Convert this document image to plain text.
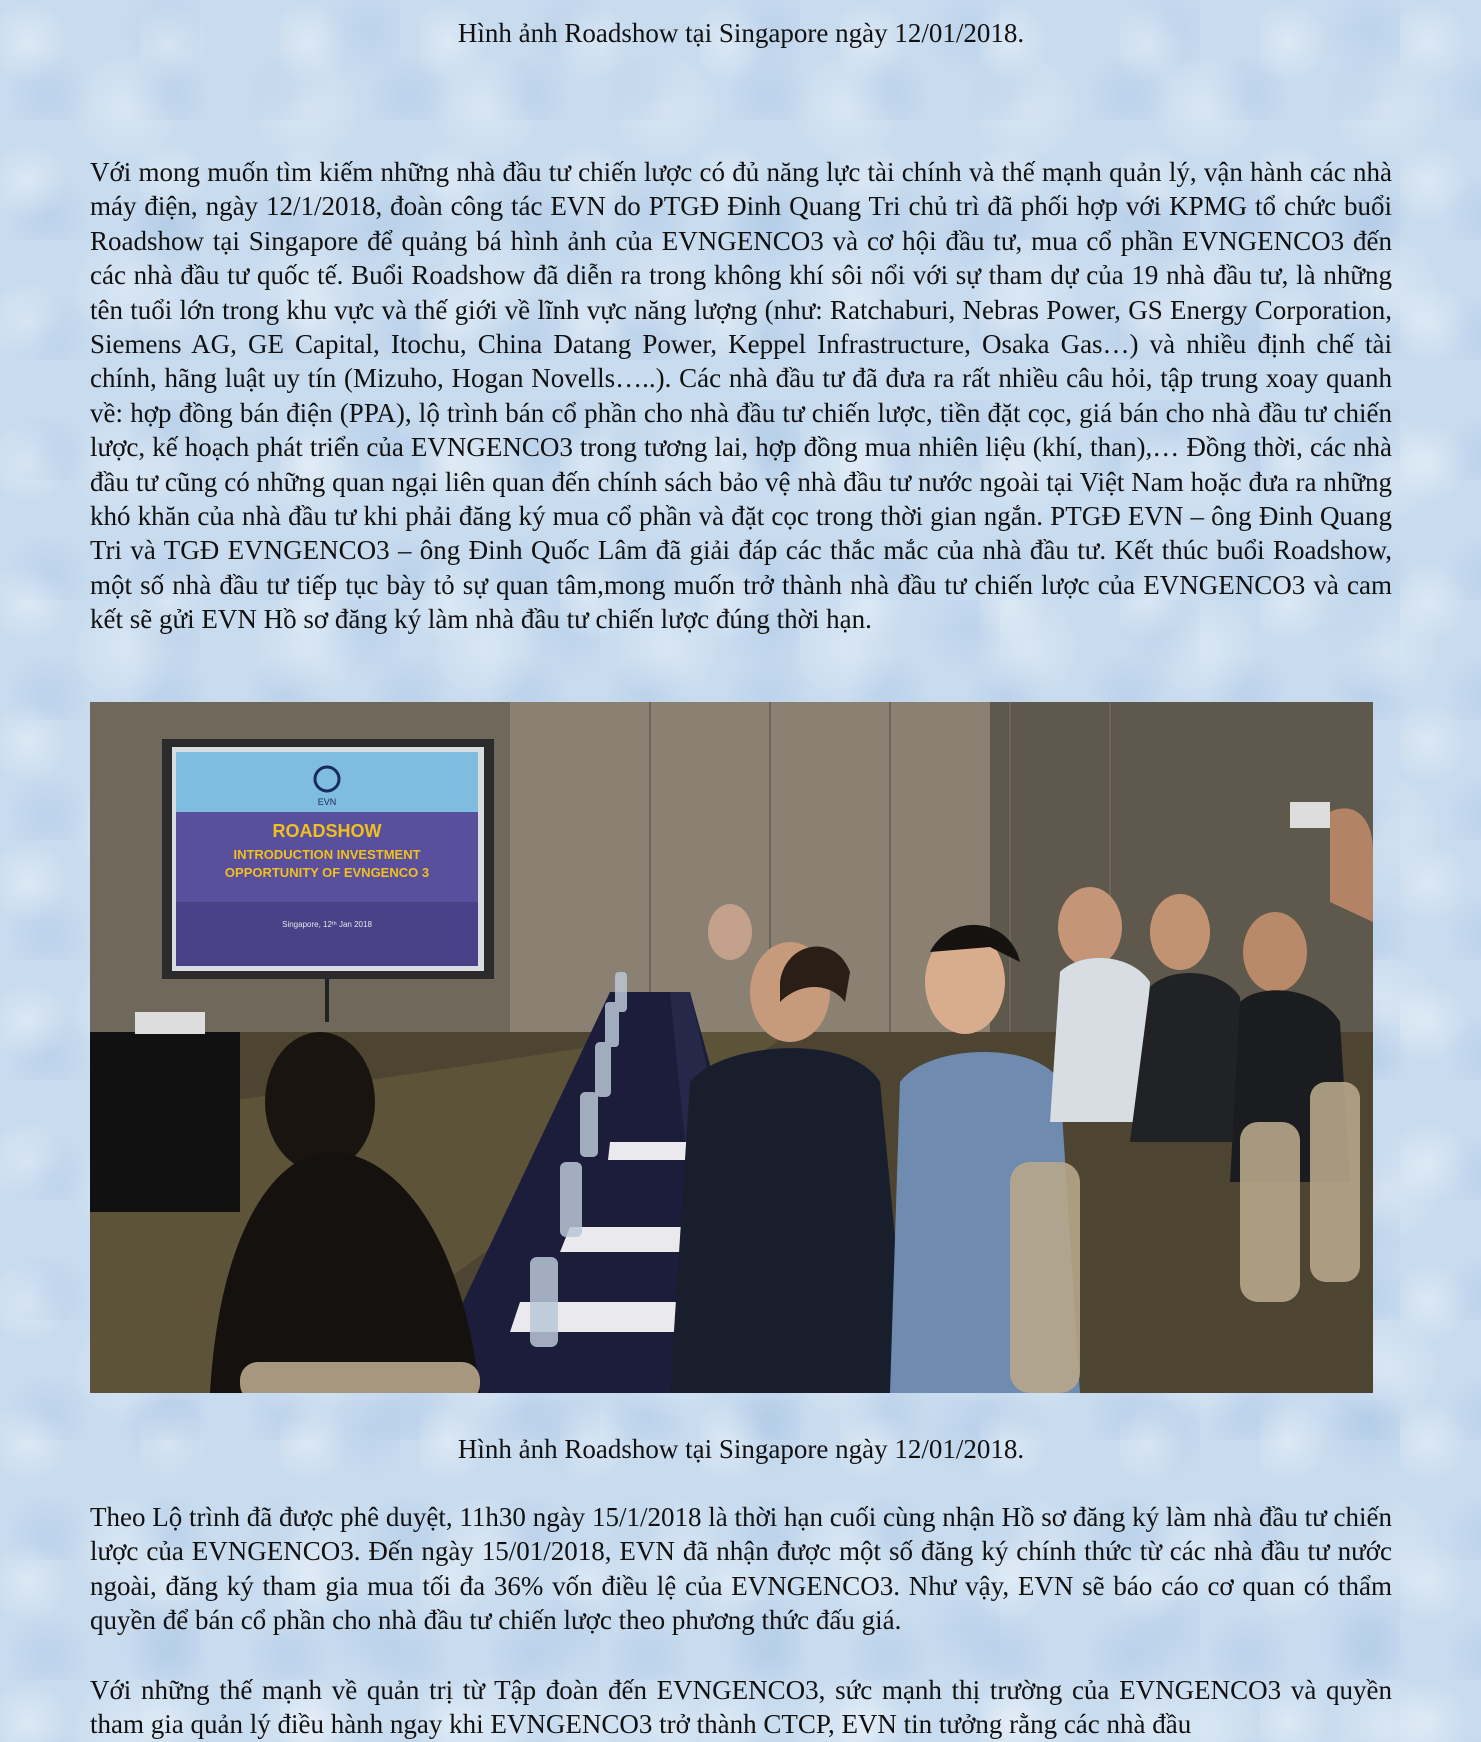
Hình ảnh Roadshow tại Singapore ngày 12/01/2018.

Với mong muốn tìm kiếm những nhà đầu tư chiến lược có đủ năng lực tài chính và thế mạnh quản lý, vận hành các nhà máy điện, ngày 12/1/2018, đoàn công tác EVN do PTGĐ Đinh Quang Tri chủ trì đã phối hợp với KPMG tổ chức buổi Roadshow tại Singapore để quảng bá hình ảnh của EVNGENCO3 và cơ hội đầu tư, mua cổ phần EVNGENCO3 đến các nhà đầu tư quốc tế. Buổi Roadshow đã diễn ra trong không khí sôi nổi với sự tham dự của 19 nhà đầu tư, là những tên tuổi lớn trong khu vực và thế giới về lĩnh vực năng lượng (như: Ratchaburi, Nebras Power, GS Energy Corporation, Siemens AG, GE Capital, Itochu, China Datang Power, Keppel Infrastructure, Osaka Gas…) và nhiều định chế tài chính, hãng luật uy tín (Mizuho, Hogan Novells…..). Các nhà đầu tư đã đưa ra rất nhiều câu hỏi, tập trung xoay quanh về: hợp đồng bán điện (PPA), lộ trình bán cổ phần cho nhà đầu tư chiến lược, tiền đặt cọc, giá bán cho nhà đầu tư chiến lược, kế hoạch phát triển của EVNGENCO3 trong tương lai, hợp đồng mua nhiên liệu (khí, than),… Đồng thời, các nhà đầu tư cũng có những quan ngại liên quan đến chính sách bảo vệ nhà đầu tư nước ngoài tại Việt Nam hoặc đưa ra những khó khăn của nhà đầu tư khi phải đăng ký mua cổ phần và đặt cọc trong thời gian ngắn. PTGĐ EVN – ông Đinh Quang Tri và TGĐ EVNGENCO3 – ông Đinh Quốc Lâm đã giải đáp các thắc mắc của nhà đầu tư. Kết thúc buổi Roadshow, một số nhà đầu tư tiếp tục bày tỏ sự quan tâm,mong muốn trở thành nhà đầu tư chiến lược của EVNGENCO3 và cam kết sẽ gửi EVN Hồ sơ đăng ký làm nhà đầu tư chiến lược đúng thời hạn.

EVN
ROADSHOW
INTRODUCTION INVESTMENT
OPPORTUNITY OF EVNGENCO 3
Singapore, 12ᵗʰ Jan 2018

Hình ảnh Roadshow tại Singapore ngày 12/01/2018.

Theo Lộ trình đã được phê duyệt, 11h30 ngày 15/1/2018 là thời hạn cuối cùng nhận Hồ sơ đăng ký làm nhà đầu tư chiến lược của EVNGENCO3. Đến ngày 15/01/2018, EVN đã nhận được một số đăng ký chính thức từ các nhà đầu tư nước ngoài, đăng ký tham gia mua tối đa 36% vốn điều lệ của EVNGENCO3. Như vậy, EVN sẽ báo cáo cơ quan có thẩm quyền để bán cổ phần cho nhà đầu tư chiến lược theo phương thức đấu giá.

Với những thế mạnh về quản trị từ Tập đoàn đến EVNGENCO3, sức mạnh thị trường của EVNGENCO3 và quyền tham gia quản lý điều hành ngay khi EVNGENCO3 trở thành CTCP, EVN tin tưởng rằng các nhà đầu
